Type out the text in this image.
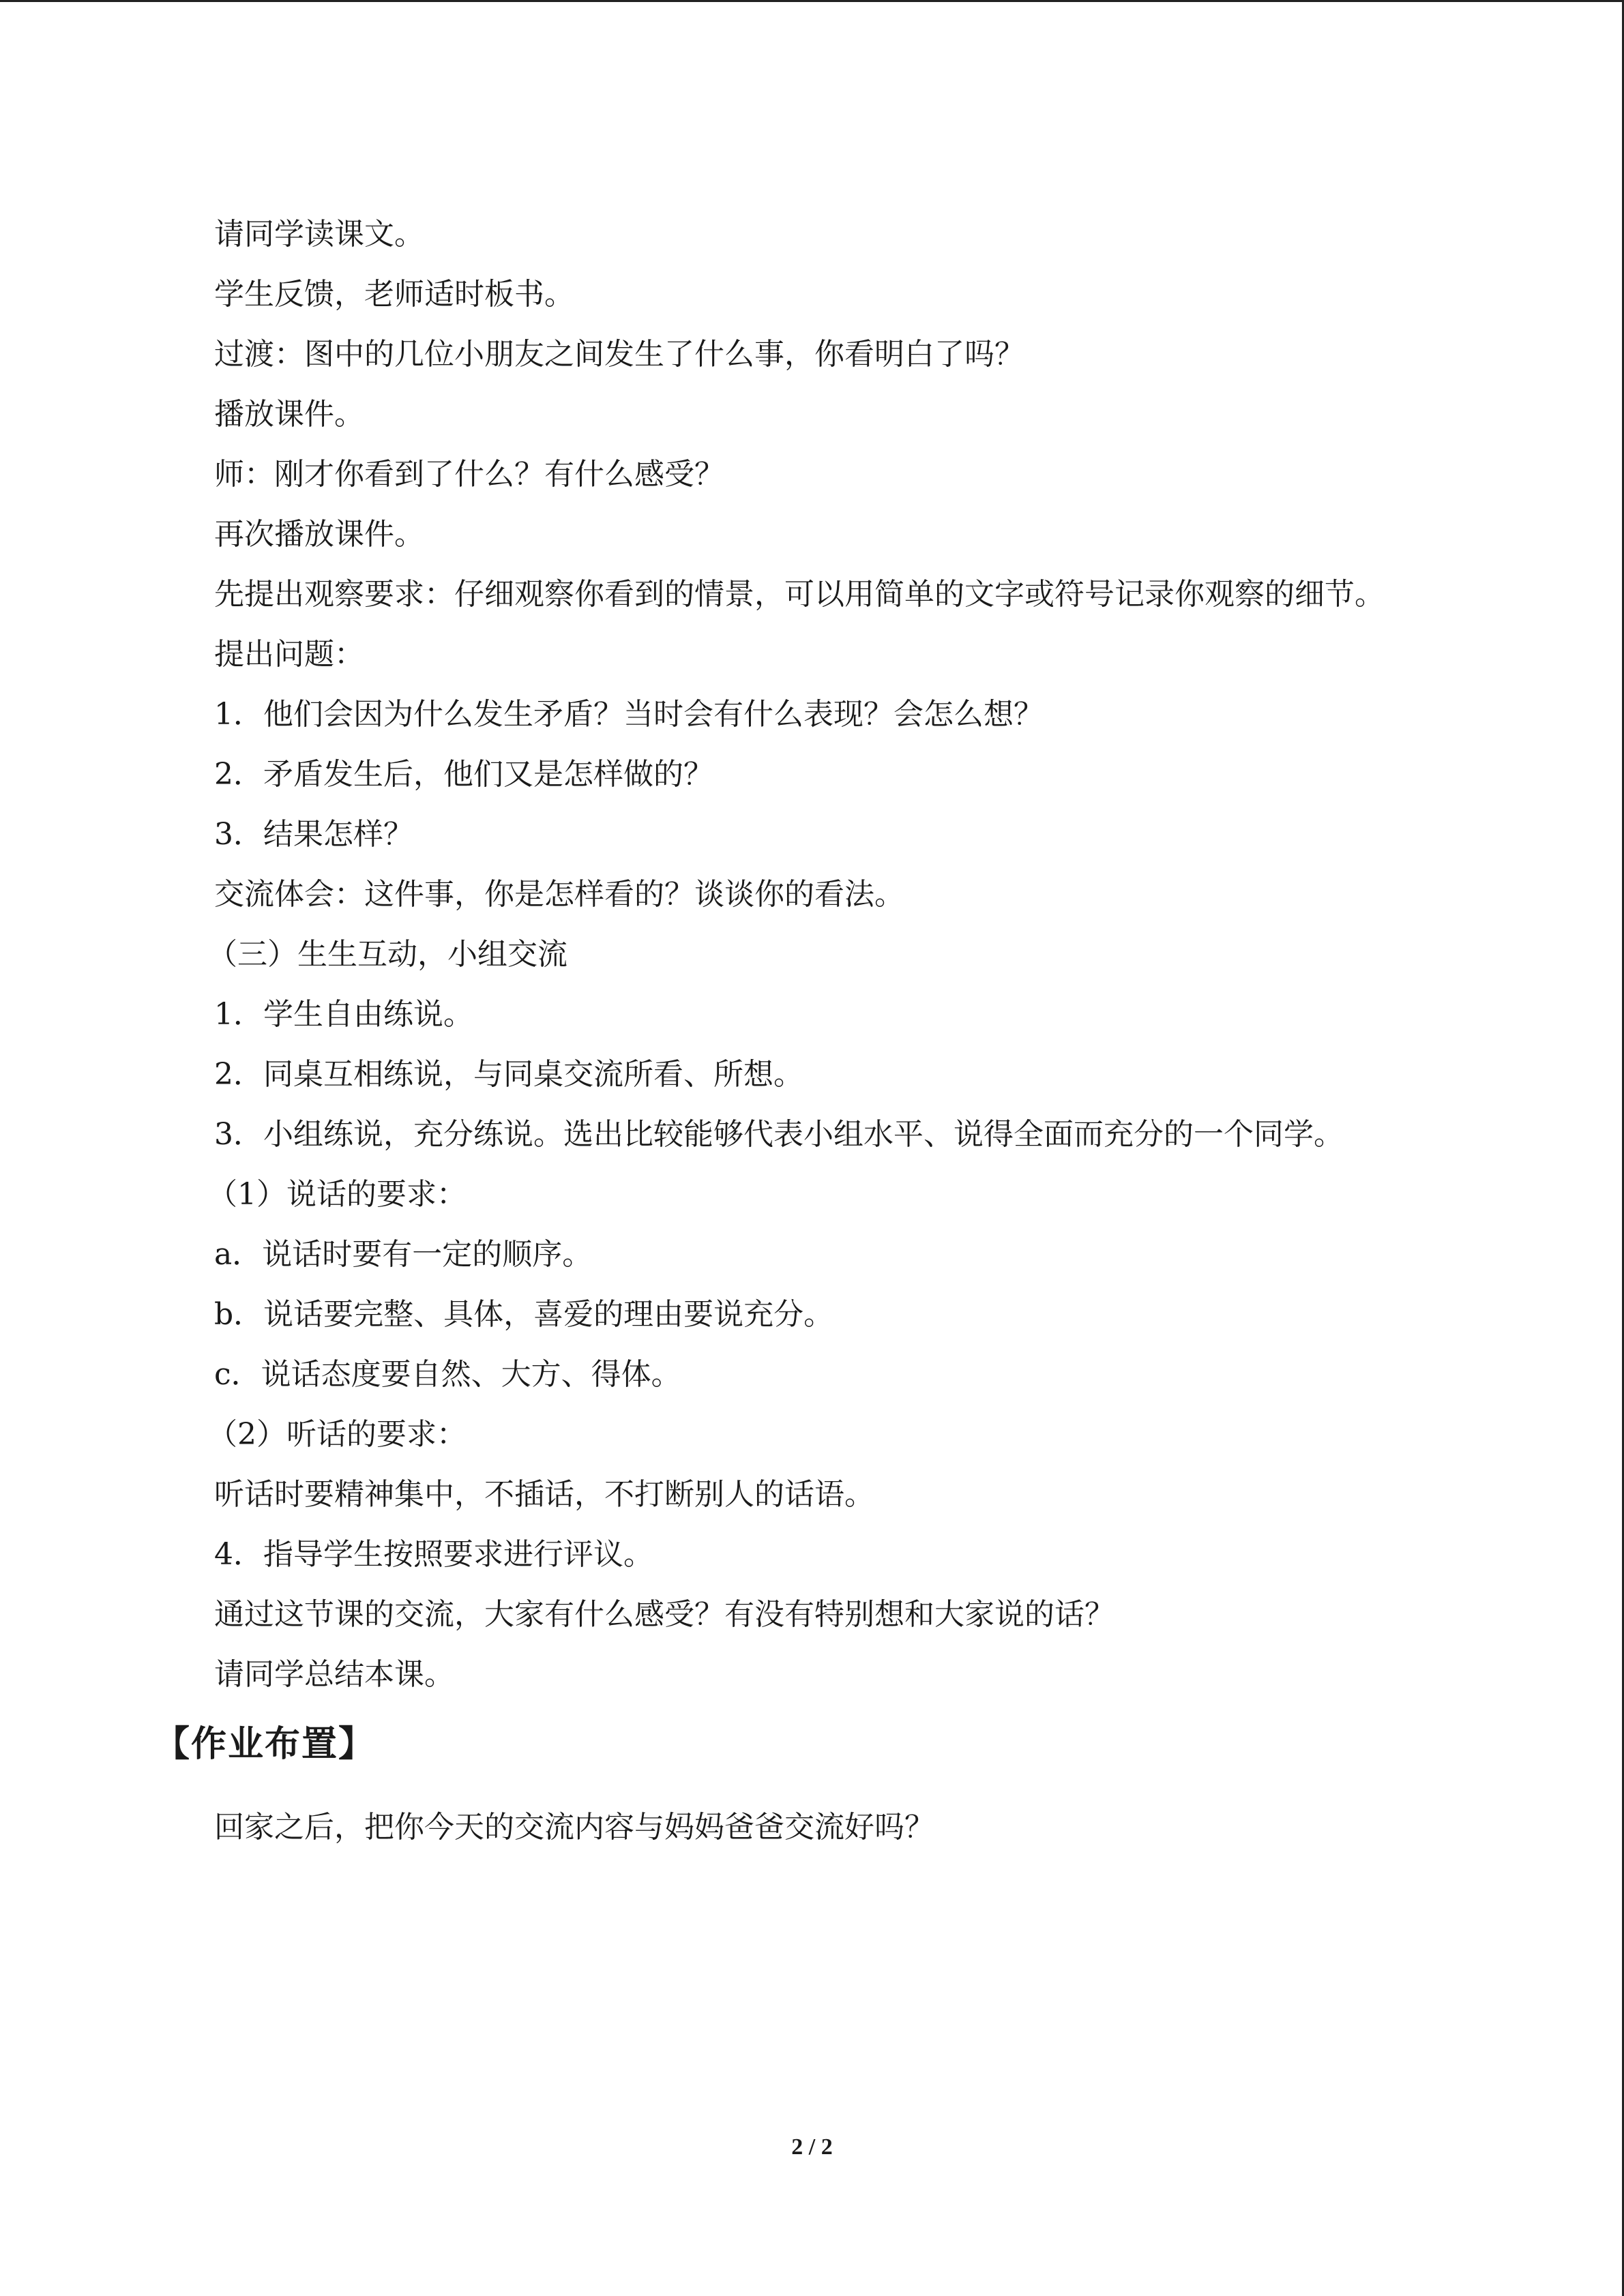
请同学读课文。
学生反馈，老师适时板书。
过渡：图中的几位小朋友之间发生了什么事，你看明白了吗？
播放课件。
师：刚才你看到了什么？有什么感受？
再次播放课件。
先提出观察要求：仔细观察你看到的情景，可以用简单的文字或符号记录你观察的细节。
提出问题：
1．他们会因为什么发生矛盾？当时会有什么表现？会怎么想？
2．矛盾发生后，他们又是怎样做的？
3．结果怎样？
交流体会：这件事，你是怎样看的？谈谈你的看法。
（三）生生互动，小组交流
1．学生自由练说。
2．同桌互相练说，与同桌交流所看、所想。
3．小组练说，充分练说。选出比较能够代表小组水平、说得全面而充分的一个同学。
（1）说话的要求：
a．说话时要有一定的顺序。
b．说话要完整、具体，喜爱的理由要说充分。
c．说话态度要自然、大方、得体。
（2）听话的要求：
听话时要精神集中，不插话，不打断别人的话语。
4．指导学生按照要求进行评议。
通过这节课的交流，大家有什么感受？有没有特别想和大家说的话？
请同学总结本课。
【作业布置】
回家之后，把你今天的交流内容与妈妈爸爸交流好吗？
2 / 2
